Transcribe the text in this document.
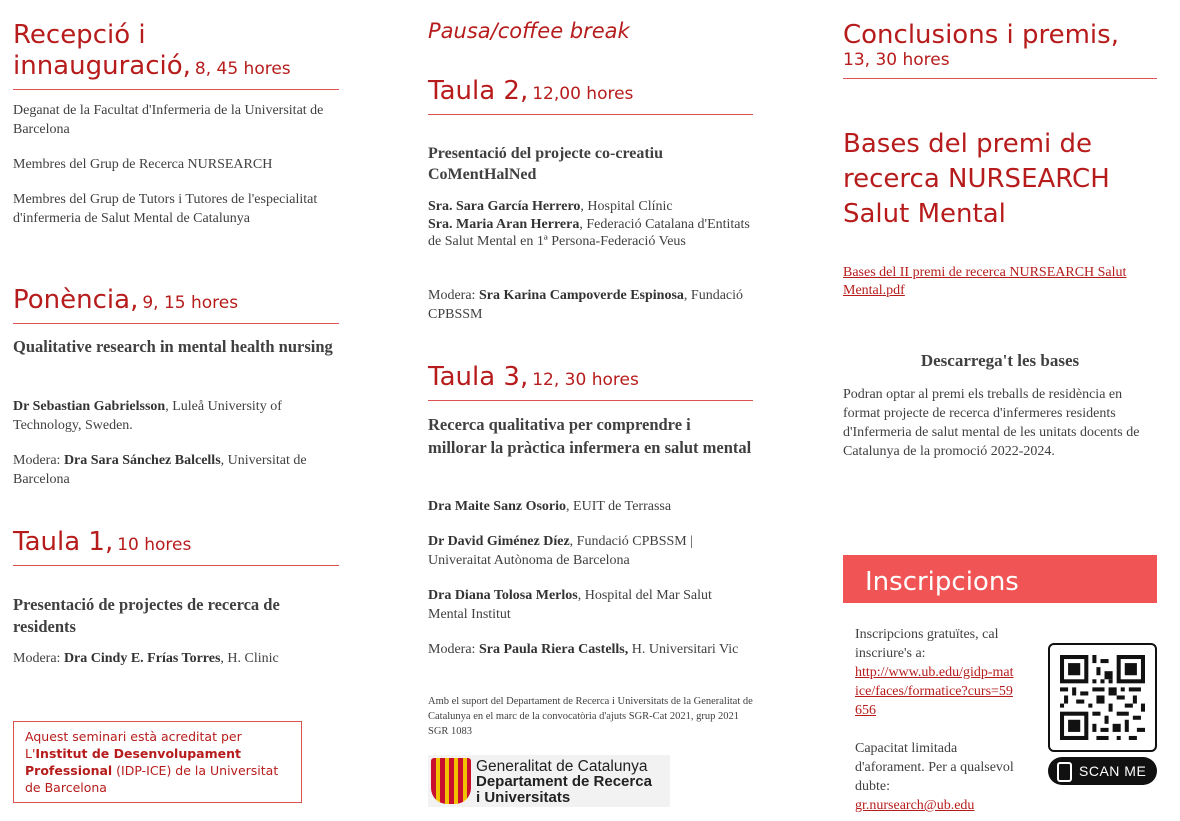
Recepció i
innauguració, 8, 45 hores

Deganat de la Facultat d'Infermeria de la Universitat de Barcelona

Membres del Grup de Recerca NURSEARCH

Membres del Grup de Tutors i Tutores de l'especialitat d'infermeria de Salut Mental de Catalunya

Ponència, 9, 15 hores

Qualitative research in mental health nursing

Dr Sebastian Gabrielsson, Luleå University of Technology, Sweden.

Modera: Dra Sara Sánchez Balcells, Universitat de Barcelona

Taula 1, 10 hores

Presentació de projectes de recerca de residents

Modera: Dra Cindy E. Frías Torres, H. Clinic

Aquest seminari està acreditat per L'Institut de Desenvolupament Professional (IDP-ICE) de la Universitat de Barcelona
Pausa/coffee break
Taula 2, 12,00 hores

Presentació del projecte co-creatiu CoMentHalNed

Sra. Sara García Herrero, Hospital Clínic
Sra. Maria Aran Herrera, Federació Catalana d'Entitats de Salut Mental en 1ª Persona-Federació Veus

Modera: Sra Karina Campoverde Espinosa, Fundació CPBSSM

Taula 3, 12, 30 hores

Recerca qualitativa per comprendre i millorar la pràctica infermera en salut mental

Dra Maite Sanz Osorio, EUIT de Terrassa

Dr David Giménez Díez, Fundació CPBSSM | Univeraitat Autònoma de Barcelona

Dra Diana Tolosa Merlos, Hospital del Mar Salut Mental Institut

Modera: Sra Paula Riera Castells, H. Universitari Vic

Amb el suport del Departament de Recerca i Universitats de la Generalitat de Catalunya en el marc de la convocatòria d'ajuts SGR-Cat 2021, grup 2021 SGR 1083

Generalitat de Catalunya
Departament de Recerca
i Universitats
Conclusions i premis,
13, 30 hores
Bases del premi de recerca NURSEARCH Salut Mental
Bases del II premi de recerca NURSEARCH Salut Mental.pdf
Descarrega't les bases

Podran optar al premi els treballs de residència en format projecte de recerca d'infermeres residents d'Infermeria de salut mental de les unitats docents de Catalunya de la promoció 2022-2024.

Inscripcions

Inscripcions gratuïtes, cal inscriure's a:

http://www.ub.edu/gidp-matice/faces/formatice?curs=59656

Capacitat limitada d'aforament. Per a qualsevol dubte:

gr.nursearch@ub.edu
SCAN ME
